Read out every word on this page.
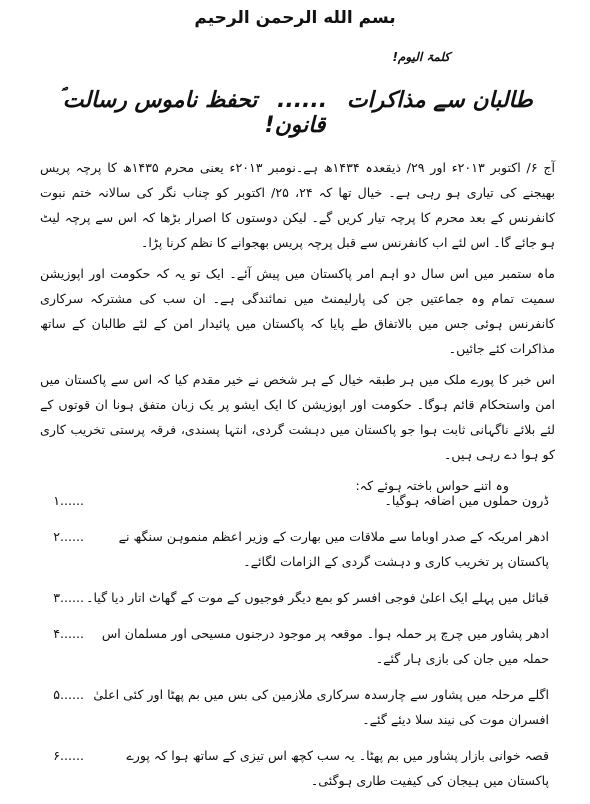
بسم الله الرحمن الرحیم
کلمۃ الیوم!
طالبان سے مذاکرات ...... تحفظ ناموس رسالت ؐ قانون!

آج ۶/ اکتوبر ۲۰۱۳ء اور ۲۹/ ذیقعدہ ۱۴۳۴ھ ہے۔نومبر ۲۰۱۳ء یعنی محرم ۱۴۳۵ھ کا پرچہ پریس بھیجنے کی تیاری ہو رہی ہے۔ خیال تھا کہ ۲۴، ۲۵/ اکتوبر کو چناب نگر کی سالانہ ختم نبوت کانفرنس کے بعد محرم کا پرچہ تیار کریں گے۔ لیکن دوستوں کا اصرار بڑھا کہ اس سے پرچہ لیٹ ہو جائے گا۔ اس لئے اب کانفرنس سے قبل پرچہ پریس بھجوانے کا نظم کرنا پڑا۔

ماہ ستمبر میں اس سال دو اہم امر پاکستان میں پیش آئے۔ ایک تو یہ کہ حکومت اور اپوزیشن سمیت تمام وہ جماعتیں جن کی پارلیمنٹ میں نمائندگی ہے۔ ان سب کی مشترکہ سرکاری کانفرنس ہوئی جس میں بالاتفاق طے پایا کہ پاکستان میں پائیدار امن کے لئے طالبان کے ساتھ مذاکرات کئے جائیں۔

اس خبر کا پورے ملک میں ہر طبقہ خیال کے ہر شخص نے خیر مقدم کیا کہ اس سے پاکستان میں امن واستحکام قائم ہوگا۔ حکومت اور اپوزیشن کا ایک ایشو پر یک زبان متفق ہونا ان قوتوں کے لئے بلائے ناگہانی ثابت ہوا جو پاکستان میں دہشت گردی، انتہا پسندی، فرقہ پرستی تخریب کاری کو ہوا دے رہی ہیں۔

وہ اتنے حواس باختہ ہوئے کہ:

ڈرون حملوں میں اضافہ ہوگیا۔
۱......
ادھر امریکہ کے صدر اوباما سے ملاقات میں بھارت کے وزیر اعظم منموہن سنگھ نے پاکستان پر تخریب کاری و دہشت گردی کے الزامات لگائے۔
۲......
قبائل میں پہلے ایک اعلیٰ فوجی افسر کو بمع دیگر فوجیوں کے موت کے گھاٹ اتار دیا گیا۔
۳......
ادھر پشاور میں چرچ پر حملہ ہوا۔ موقعہ پر موجود درجنوں مسیحی اور مسلمان اس حملہ میں جان کی بازی ہار گئے۔
۴......
اگلے مرحلہ میں پشاور سے چارسدہ سرکاری ملازمین کی بس میں بم پھٹا اور کئی اعلیٰ افسران موت کی نیند سلا دیئے گئے۔
۵......
قصہ خوانی بازار پشاور میں بم پھٹا۔ یہ سب کچھ اس تیزی کے ساتھ ہوا کہ پورے پاکستان میں ہیجان کی کیفیت طاری ہوگئی۔
۶......
